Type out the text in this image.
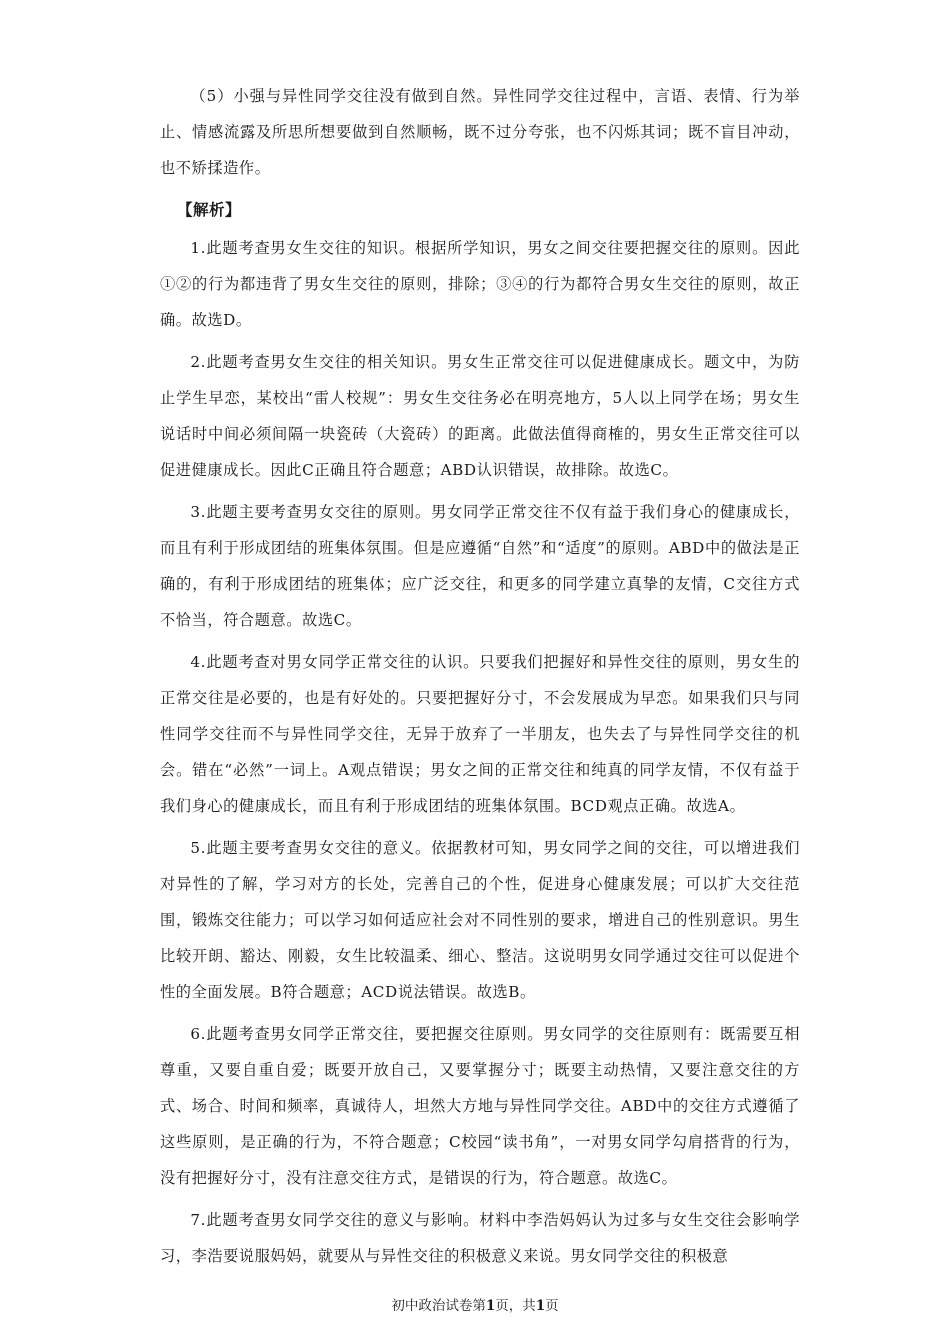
（5）小强与异性同学交往没有做到自然。异性同学交往过程中，言语、表情、行为举止、情感流露及所思所想要做到自然顺畅，既不过分夸张，也不闪烁其词；既不盲目冲动，也不矫揉造作。

【解析】

1.此题考查男女生交往的知识。根据所学知识，男女之间交往要把握交往的原则。因此①②的行为都违背了男女生交往的原则，排除；③④的行为都符合男女生交往的原则，故正确。故选D。

2.此题考查男女生交往的相关知识。男女生正常交往可以促进健康成长。题文中，为防止学生早恋，某校出“雷人校规”：男女生交往务必在明亮地方，5人以上同学在场；男女生说话时中间必须间隔一块瓷砖（大瓷砖）的距离。此做法值得商榷的，男女生正常交往可以促进健康成长。因此C正确且符合题意；ABD认识错误，故排除。故选C。

3.此题主要考查男女交往的原则。男女同学正常交往不仅有益于我们身心的健康成长，而且有利于形成团结的班集体氛围。但是应遵循“自然”和“适度”的原则。ABD中的做法是正确的，有利于形成团结的班集体；应广泛交往，和更多的同学建立真挚的友情，C交往方式不恰当，符合题意。故选C。

4.此题考查对男女同学正常交往的认识。只要我们把握好和异性交往的原则，男女生的正常交往是必要的，也是有好处的。只要把握好分寸，不会发展成为早恋。如果我们只与同性同学交往而不与异性同学交往，无异于放弃了一半朋友，也失去了与异性同学交往的机会。错在“必然”一词上。A观点错误；男女之间的正常交往和纯真的同学友情，不仅有益于我们身心的健康成长，而且有利于形成团结的班集体氛围。BCD观点正确。故选A。

5.此题主要考查男女交往的意义。依据教材可知，男女同学之间的交往，可以增进我们对异性的了解，学习对方的长处，完善自己的个性，促进身心健康发展；可以扩大交往范围，锻炼交往能力；可以学习如何适应社会对不同性别的要求，增进自己的性别意识。男生比较开朗、豁达、刚毅，女生比较温柔、细心、整洁。这说明男女同学通过交往可以促进个性的全面发展。B符合题意；ACD说法错误。故选B。

6.此题考查男女同学正常交往，要把握交往原则。男女同学的交往原则有：既需要互相尊重，又要自重自爱；既要开放自己，又要掌握分寸；既要主动热情，又要注意交往的方式、场合、时间和频率，真诚待人，坦然大方地与异性同学交往。ABD中的交往方式遵循了这些原则，是正确的行为，不符合题意；C校园“读书角”，一对男女同学勾肩搭背的行为，没有把握好分寸，没有注意交往方式，是错误的行为，符合题意。故选C。

7.此题考查男女同学交往的意义与影响。材料中李浩妈妈认为过多与女生交往会影响学习，李浩要说服妈妈，就要从与异性交往的积极意义来说。男女同学交往的积极意

初中政治试卷第1页，共1页
